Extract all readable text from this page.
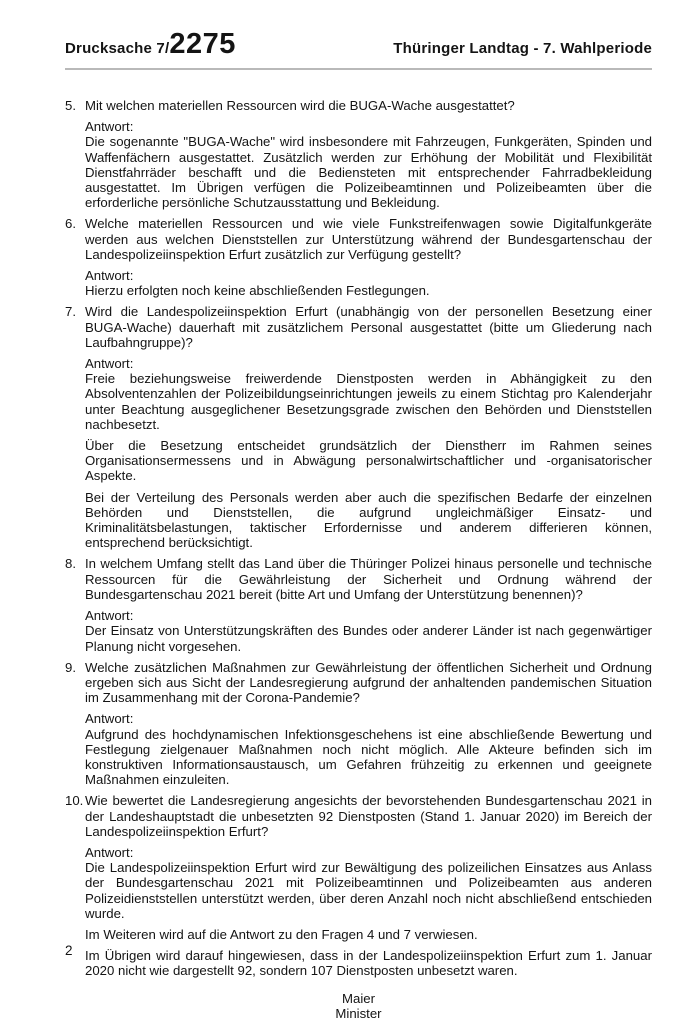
Drucksache 7/2275	Thüringer Landtag - 7. Wahlperiode
5. Mit welchen materiellen Ressourcen wird die BUGA-Wache ausgestattet?
Antwort:

Die sogenannte "BUGA-Wache" wird insbesondere mit Fahrzeugen, Funkgeräten, Spinden und Waffenfächern ausgestattet. Zusätzlich werden zur Erhöhung der Mobilität und Flexibilität Dienstfahrräder beschafft und die Bediensteten mit entsprechender Fahrradbekleidung ausgestattet. Im Übrigen verfügen die Polizeibeamtinnen und Polizeibeamten über die erforderliche persönliche Schutzausstattung und Bekleidung.

6. Welche materiellen Ressourcen und wie viele Funkstreifenwagen sowie Digitalfunkgeräte werden aus welchen Dienststellen zur Unterstützung während der Bundesgartenschau der Landespolizeiinspektion Erfurt zusätzlich zur Verfügung gestellt?
Antwort:

Hierzu erfolgten noch keine abschließenden Festlegungen.

7. Wird die Landespolizeiinspektion Erfurt (unabhängig von der personellen Besetzung einer BUGA-Wache) dauerhaft mit zusätzlichem Personal ausgestattet (bitte um Gliederung nach Laufbahngruppe)?
Antwort:

Freie beziehungsweise freiwerdende Dienstposten werden in Abhängigkeit zu den Absolventenzahlen der Polizeibildungseinrichtungen jeweils zu einem Stichtag pro Kalenderjahr unter Beachtung ausgeglichener Besetzungsgrade zwischen den Behörden und Dienststellen nachbesetzt.

Über die Besetzung entscheidet grundsätzlich der Dienstherr im Rahmen seines Organisationsermessens und in Abwägung personalwirtschaftlicher und -organisatorischer Aspekte.

Bei der Verteilung des Personals werden aber auch die spezifischen Bedarfe der einzelnen Behörden und Dienststellen, die aufgrund ungleichmäßiger Einsatz- und Kriminalitätsbelastungen, taktischer Erfordernisse und anderem differieren können, entsprechend berücksichtigt.

8. In welchem Umfang stellt das Land über die Thüringer Polizei hinaus personelle und technische Ressourcen für die Gewährleistung der Sicherheit und Ordnung während der Bundesgartenschau 2021 bereit (bitte Art und Umfang der Unterstützung benennen)?
Antwort:

Der Einsatz von Unterstützungskräften des Bundes oder anderer Länder ist nach gegenwärtiger Planung nicht vorgesehen.

9. Welche zusätzlichen Maßnahmen zur Gewährleistung der öffentlichen Sicherheit und Ordnung ergeben sich aus Sicht der Landesregierung aufgrund der anhaltenden pandemischen Situation im Zusammenhang mit der Corona-Pandemie?
Antwort:

Aufgrund des hochdynamischen Infektionsgeschehens ist eine abschließende Bewertung und Festlegung zielgenauer Maßnahmen noch nicht möglich. Alle Akteure befinden sich im konstruktiven Informationsaustausch, um Gefahren frühzeitig zu erkennen und geeignete Maßnahmen einzuleiten.

10. Wie bewertet die Landesregierung angesichts der bevorstehenden Bundesgartenschau 2021 in der Landeshauptstadt die unbesetzten 92 Dienstposten (Stand 1. Januar 2020) im Bereich der Landespolizeiinspektion Erfurt?
Antwort:

Die Landespolizeiinspektion Erfurt wird zur Bewältigung des polizeilichen Einsatzes aus Anlass der Bundesgartenschau 2021 mit Polizeibeamtinnen und Polizeibeamten aus anderen Polizeidienststellen unterstützt werden, über deren Anzahl noch nicht abschließend entschieden wurde.

Im Weiteren wird auf die Antwort zu den Fragen 4 und 7 verwiesen.

Im Übrigen wird darauf hingewiesen, dass in der Landespolizeiinspektion Erfurt zum 1. Januar 2020 nicht wie dargestellt 92, sondern 107 Dienstposten unbesetzt waren.

Maier
Minister
2
